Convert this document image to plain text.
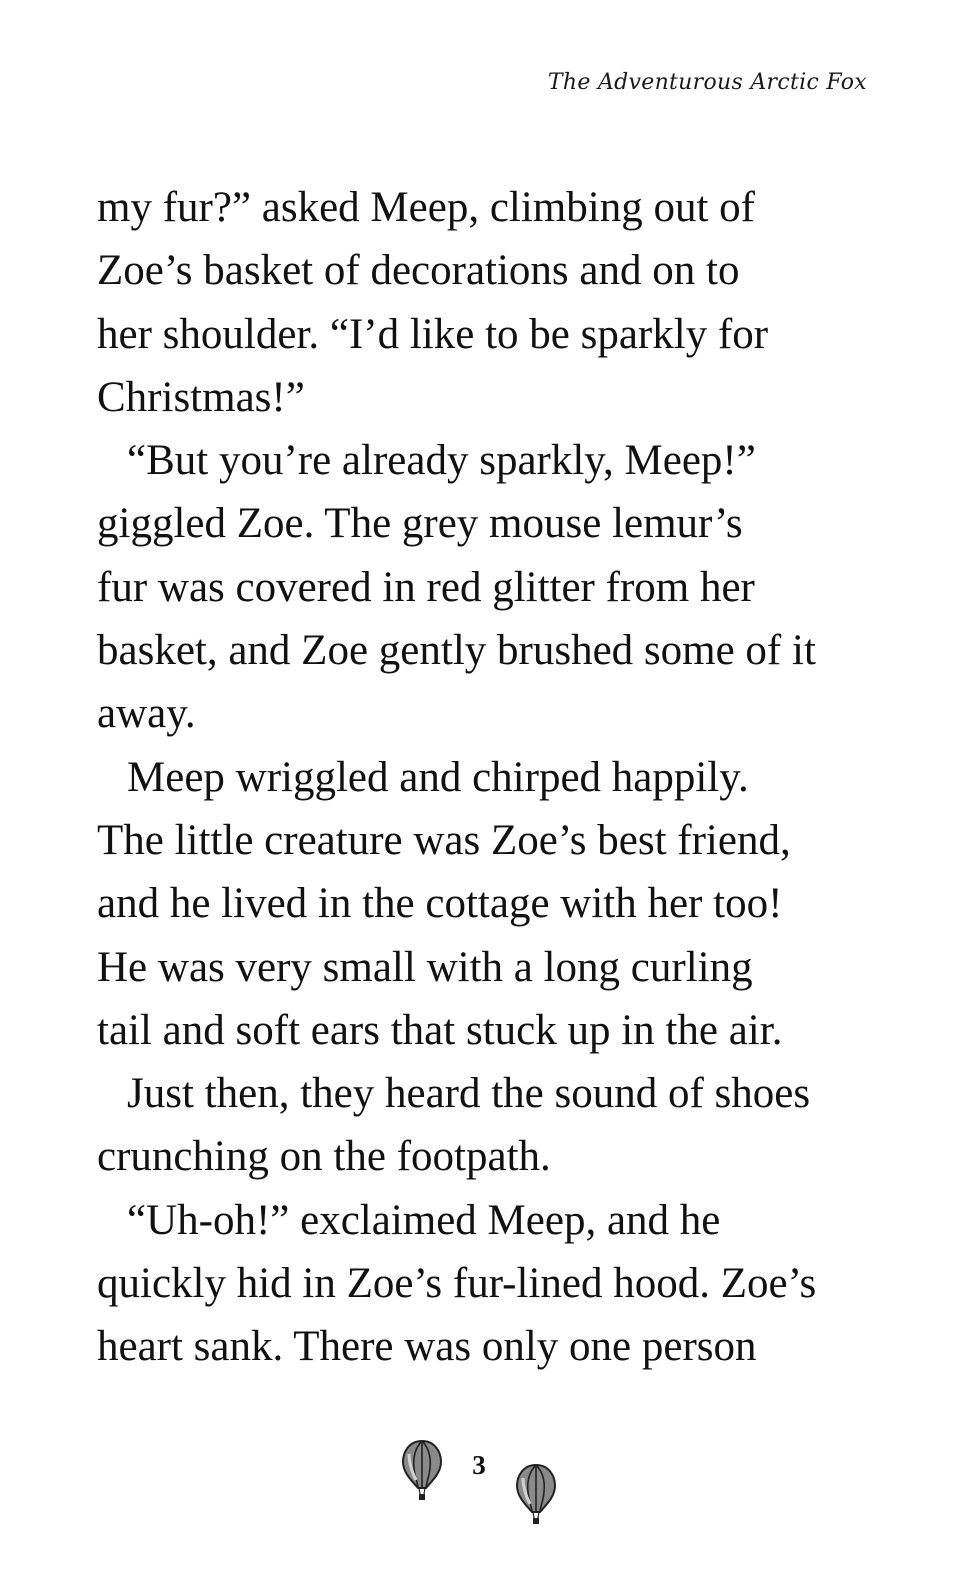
The Adventurous Arctic Fox
my fur?” asked Meep, climbing out of
Zoe’s basket of decorations and on to
her shoulder. “I’d like to be sparkly for
Christmas!”
“But you’re already sparkly, Meep!”
giggled Zoe. The grey mouse lemur’s
fur was covered in red glitter from her
basket, and Zoe gently brushed some of it
away.
Meep wriggled and chirped happily.
The little creature was Zoe’s best friend,
and he lived in the cottage with her too!
He was very small with a long curling
tail and soft ears that stuck up in the air.
Just then, they heard the sound of shoes
crunching on the footpath.
“Uh-oh!” exclaimed Meep, and he
quickly hid in Zoe’s fur-lined hood. Zoe’s
heart sank. There was only one person
3
